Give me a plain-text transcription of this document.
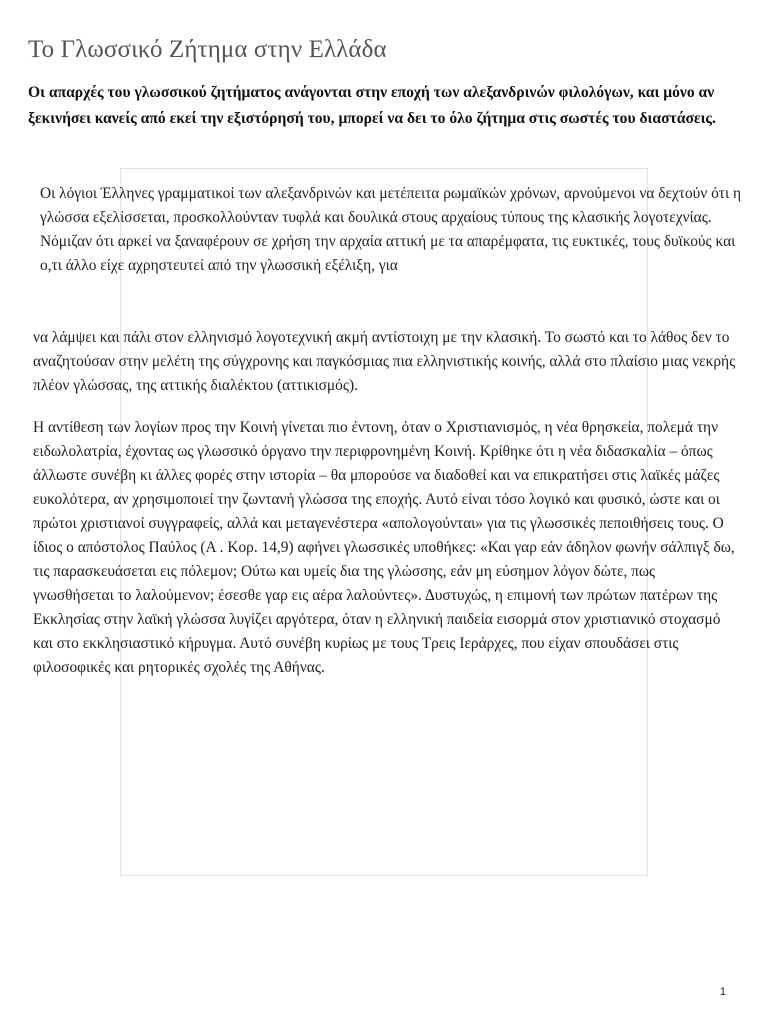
Το Γλωσσικό Ζήτημα στην Ελλάδα

Οι απαρχές του γλωσσικού ζητήματος ανάγονται στην εποχή των αλεξανδρινών φιλολόγων, και μόνο αν ξεκινήσει κανείς από εκεί την εξιστόρησή του, μπορεί να δει το όλο ζήτημα στις σωστές του διαστάσεις.

Οι λόγιοι Έλληνες γραμματικοί των αλεξανδρινών και μετέπειτα ρωμαϊκών χρόνων, αρνούμενοι να δεχτούν ότι η γλώσσα εξελίσσεται, προσκολλούνταν τυφλά και δουλικά στους αρχαίους τύπους της κλασικής λογοτεχνίας. Νόμιζαν ότι αρκεί να ξαναφέρουν σε χρήση την αρχαία αττική με τα απαρέμφατα, τις ευκτικές, τους δυϊκούς και ο,τι άλλο είχε αχρηστευτεί από την γλωσσική εξέλιξη, για

να λάμψει και πάλι στον ελληνισμό λογοτεχνική ακμή αντίστοιχη με την κλασική. Το σωστό και το λάθος δεν το αναζητούσαν στην μελέτη της σύγχρονης και παγκόσμιας πια ελληνιστικής κοινής, αλλά στο πλαίσιο μιας νεκρής πλέον γλώσσας, της αττικής διαλέκτου (αττικισμός).

Η αντίθεση των λογίων προς την Κοινή γίνεται πιο έντονη, όταν ο Χριστιανισμός, η νέα θρησκεία, πολεμά την ειδωλολατρία, έχοντας ως γλωσσικό όργανο την περιφρονημένη Κοινή. Κρίθηκε ότι η νέα διδασκαλία – όπως άλλωστε συνέβη κι άλλες φορές στην ιστορία – θα μπορούσε να διαδοθεί και να επικρατήσει στις λαϊκές μάζες ευκολότερα, αν χρησιμοποιεί την ζωντανή γλώσσα της εποχής. Αυτό είναι τόσο λογικό και φυσικό, ώστε και οι πρώτοι χριστιανοί συγγραφείς, αλλά και μεταγενέστερα «απολογούνται» για τις γλωσσικές πεποιθήσεις τους. Ο ίδιος ο απόστολος Παύλος (Α . Κορ. 14,9) αφήνει γλωσσικές υποθήκες: «Και γαρ εάν άδηλον φωνήν σάλπιγξ δω, τις παρασκευάσεται εις πόλεμον; Ούτω και υμείς δια της γλώσσης, εάν μη εύσημον λόγον δώτε, πως γνωσθήσεται το λαλούμενον; έσεσθε γαρ εις αέρα λαλούντες». Δυστυχώς, η επιμονή των πρώτων πατέρων της Εκκλησίας στην λαϊκή γλώσσα λυγίζει αργότερα, όταν η ελληνική παιδεία εισορμά στον χριστιανικό στοχασμό και στο εκκλησιαστικό κήρυγμα. Αυτό συνέβη κυρίως με τους Τρεις Ιεράρχες, που είχαν σπουδάσει στις φιλοσοφικές και ρητορικές σχολές της Αθήνας.

1
